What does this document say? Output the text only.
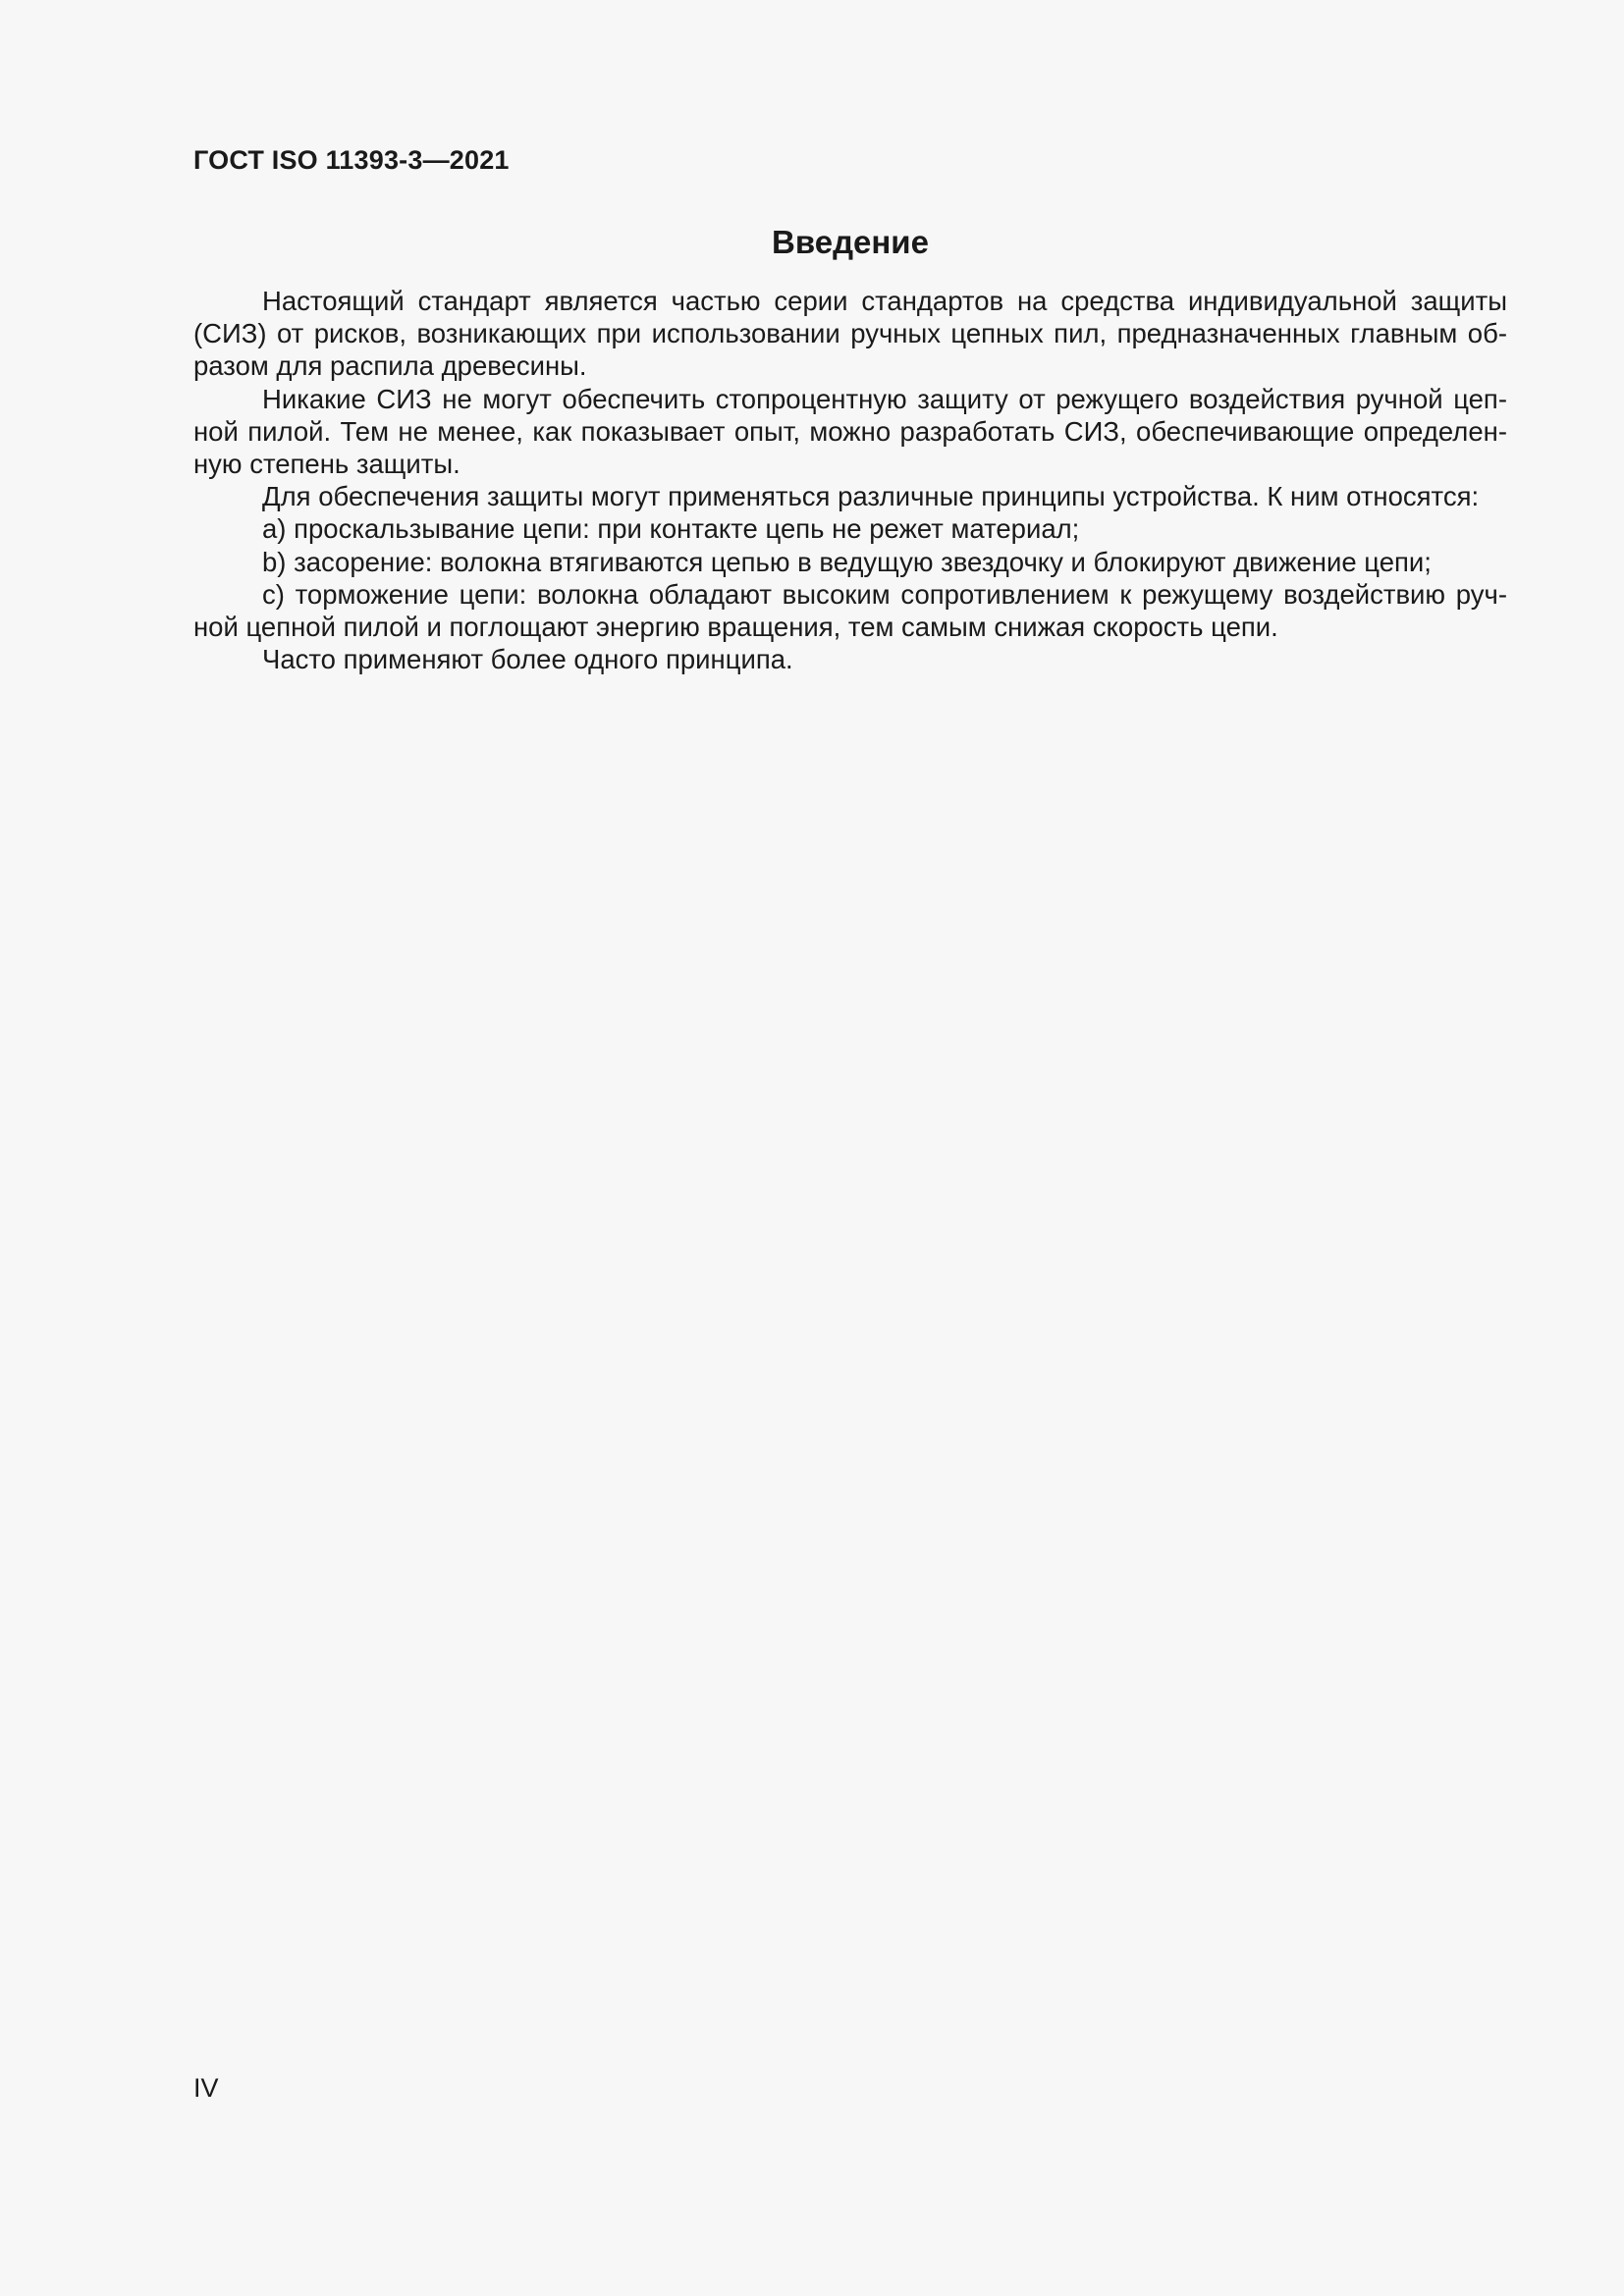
ГОСТ ISO 11393-3—2021
Введение

Настоящий стандарт является частью серии стандартов на средства индивидуальной защиты (СИЗ) от рисков, возникающих при использовании ручных цепных пил, предназначенных главным образом для распила древесины.

Никакие СИЗ не могут обеспечить стопроцентную защиту от режущего воздействия ручной цепной пилой. Тем не менее, как показывает опыт, можно разработать СИЗ, обеспечивающие определенную степень защиты.

Для обеспечения защиты могут применяться различные принципы устройства. К ним относятся:

a) проскальзывание цепи: при контакте цепь не режет материал;

b) засорение: волокна втягиваются цепью в ведущую звездочку и блокируют движение цепи;

c) торможение цепи: волокна обладают высоким сопротивлением к режущему воздействию ручной цепной пилой и поглощают энергию вращения, тем самым снижая скорость цепи.

Часто применяют более одного принципа.

IV
